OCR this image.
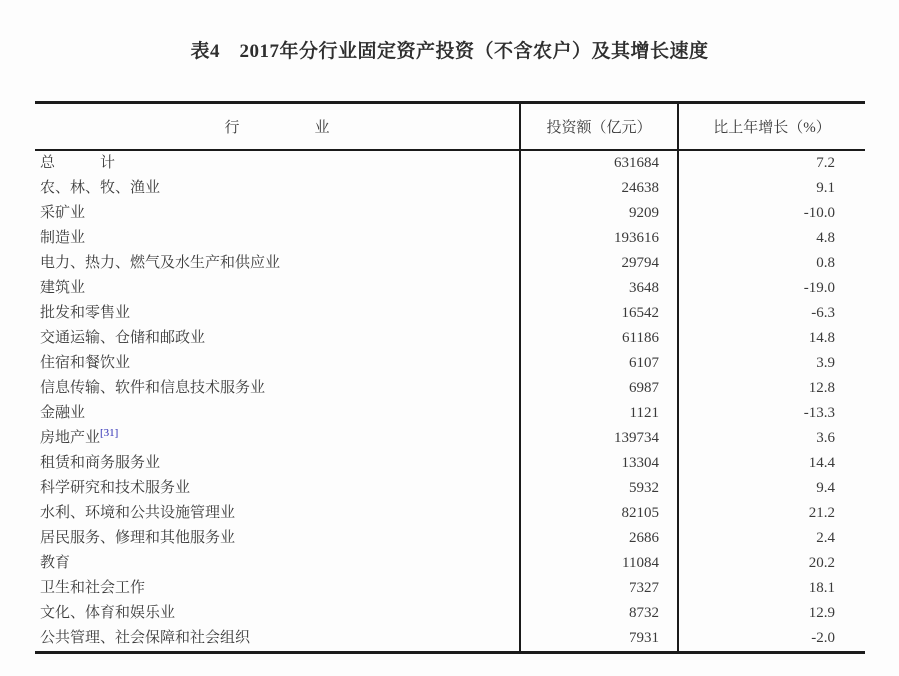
表4　2017年分行业固定资产投资（不含农户）及其增长速度
行　　　　　业	投资额（亿元）	比上年增长（%）
总　　　计	631684	7.2
农、林、牧、渔业	24638	9.1
采矿业	9209	-10.0
制造业	193616	4.8
电力、热力、燃气及水生产和供应业	29794	0.8
建筑业	3648	-19.0
批发和零售业	16542	-6.3
交通运输、仓储和邮政业	61186	14.8
住宿和餐饮业	6107	3.9
信息传输、软件和信息技术服务业	6987	12.8
金融业	1121	-13.3
房地产业[31]	139734	3.6
租赁和商务服务业	13304	14.4
科学研究和技术服务业	5932	9.4
水利、环境和公共设施管理业	82105	21.2
居民服务、修理和其他服务业	2686	2.4
教育	11084	20.2
卫生和社会工作	7327	18.1
文化、体育和娱乐业	8732	12.9
公共管理、社会保障和社会组织	7931	-2.0
